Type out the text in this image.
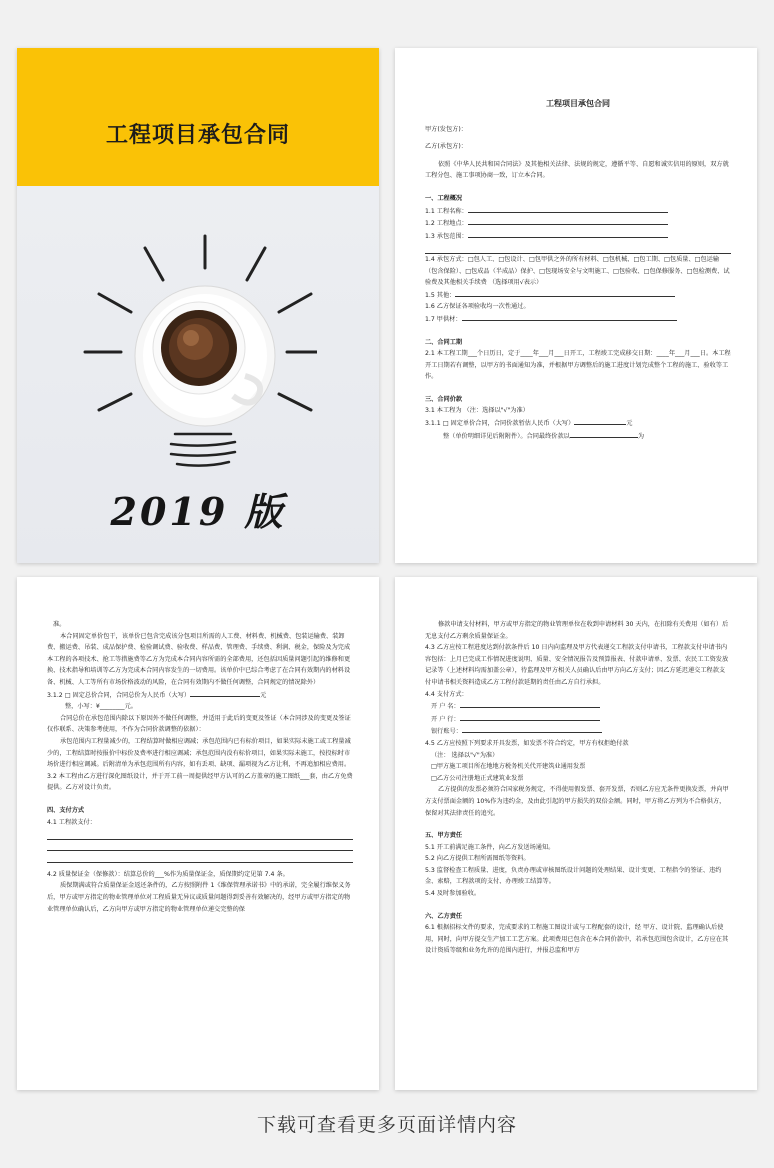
工程项目承包合同
2019 版

工程项目承包合同

甲方(发包方)：

乙方(承包方)：

依照《中华人民共和国合同法》及其他相关法律、法规的规定，遵循平等、自愿和诚实信用的原则，双方就工程分包、施工事项协商一致，订立本合同。

一、工程概况

1.1 工程名称：

1.2 工程地点：

1.3 承包范围：

1.4 承包方式：□包人工、□包设计、□包甲供之外的所有材料、□包机械、□包工期、□包质量、□包运输（包含保险）、□包成品（半成品）保护、□包现场安全与文明施工、□包验收、□包保修服务、□包检测费、试验费及其他相关手续费 （选择项用√表示）

1.5 其他：

1.6 乙方保证各项验收均一次性通过。

1.7 甲供材：

二、合同工期

2.1 本工程工期___个日历日，定于____年___月___日开工，工程竣工完成移交日期：____年___月___日。本工程开工日期若有调整，以甲方的书面通知为准，并根据甲方调整后的施工进度计划完成整个工程的施工、验收等工作。

三、合同价款

3.1 本工程为 （注：选择以"√"为准）

3.1.1 □ 固定单价合同，合同价款暂估人民币（大写）	元

整（单价明细详见后附附件）。合同最终价款以	为

准。

本合同固定单价包干，该单价已包含完成该分包项目所需的人工费、材料费、机械费、包装运输费、装卸费、搬运费、吊装、成品保护费、检验调试费、验收费、样品费、管理费、手续费、利润、税金，保险及为完成本工程的各项技术、抢工等措施费等乙方为完成本合同内容所需的全部费用，还包括因质量问题引起的维修和更换、技术指导和培训等乙方为完成本合同内容发生的一切费用。该单价中已综合考虑了在合同有效期内的材料设备、机械、人工等所有市场价格波动的风险，在合同有效期内不做任何调整，合同规定的情况除外）

3.1.2 □ 固定总价合同，合同总价为人民币（大写）	元

整，小写：¥________元。

合同总价在承包范围内除以下原因外不做任何调整，并适用于此后的变更及签证（本合同涉及的变更及签证仅作联系、决策参考使用，不作为合同价款调整的依据）：

承包范围内工程量减少的，工程结算时做相应调减；承包范围内已有标价项目，如果实际未施工或工程量减少的，工程结算时按报价中标价及费率进行相应调减；承包范围内没有标价项目，如果实际未施工，按投标时市场价进行相应调减。后附清单为承包范围所有内容，如有丢项、缺项、漏项视为乙方让利，不再追加相应费用。

3.2 本工程由乙方进行深化图纸设计，并于开工前一周提供经甲方认可的乙方盖章的施工图纸___套，由乙方免费提供。乙方对设计负责。

四、支付方式

4.1 工程款支付：

4.2 质量保证金（保修款）：结算总价的___%作为质量保证金，质保期约定见第 7.4 条。

质保期满或符合质量保证金返还条件的，乙方按照附件 1《维保管理承诺书》中的承诺，完全履行维保义务后，甲方或甲方指定的物业管理单位对工程质量无异议或质量问题得到妥善有效解决的，经甲方或甲方指定的物业管理单位确认后，乙方向甲方或甲方指定的物业管理单位递交完整的保

修款申请支付材料，甲方或甲方指定的物业管理单位在收到申请材料 30 天内，在扣除有关费用（如有）后无息支付乙方剩余质量保证金。

4.3 乙方应按工程进度达到付款条件后 10 日内向监理及甲方代表递交工程款支付申请书，工程款支付申请书内容包括：上月已完成工作情况进度说明、质量、安全情况报告及预算报表、付款申请单、发票、农民工工资发放记录等（上述材料均需加盖公章），待监理及甲方相关人员确认后由甲方向乙方支付；因乙方延迟递交工程款支付申请书相关资料造成乙方工程付款延期的责任由乙方自行承担。

4.4 支付方式：

开 户 名：

开 户 行：

银行账号：

4.5 乙方应按照下列要求开具发票，如发票不符合约定，甲方有权拒绝付款

（注： 选择以"√"为准）

□甲方施工项目所在地地方税务机关代开建筑业通用发票

□乙方公司注册地正式建筑业发票

乙方提供的发票必须符合国家税务规定，不得使用假发票、套开发票，否则乙方应无条件更换发票，并向甲方支付票面金额的 10%作为违约金，及由此引起的甲方损失的双倍金额。同时，甲方将乙方列为不合格供方，保留对其法律责任的追究。

五、甲方责任

5.1 开工前满足施工条件，向乙方发送场通知。

5.2 向乙方提供工程所需图纸等资料。

5.3 监督检查工程质量、进度，负责办理或审核图纸设计问题的处理结果、设计变更、工程指令的签证、违约金、索赔，工程款项的支付、办理竣工结算等。

5.4 及时参加验收。

六、乙方责任

6.1 根据招标文件的要求，完成要求的工程施工图设计或与工程配套的设计，经 甲方、设计院、监理确认后使用，同时，向甲方提交生产加工工艺方案。此项费用已包含在本合同价款中，若承包范围包含设计，乙方应在其设计资质等级和业务允许的范围内进行，并报总监和甲方

下载可查看更多页面详情内容
